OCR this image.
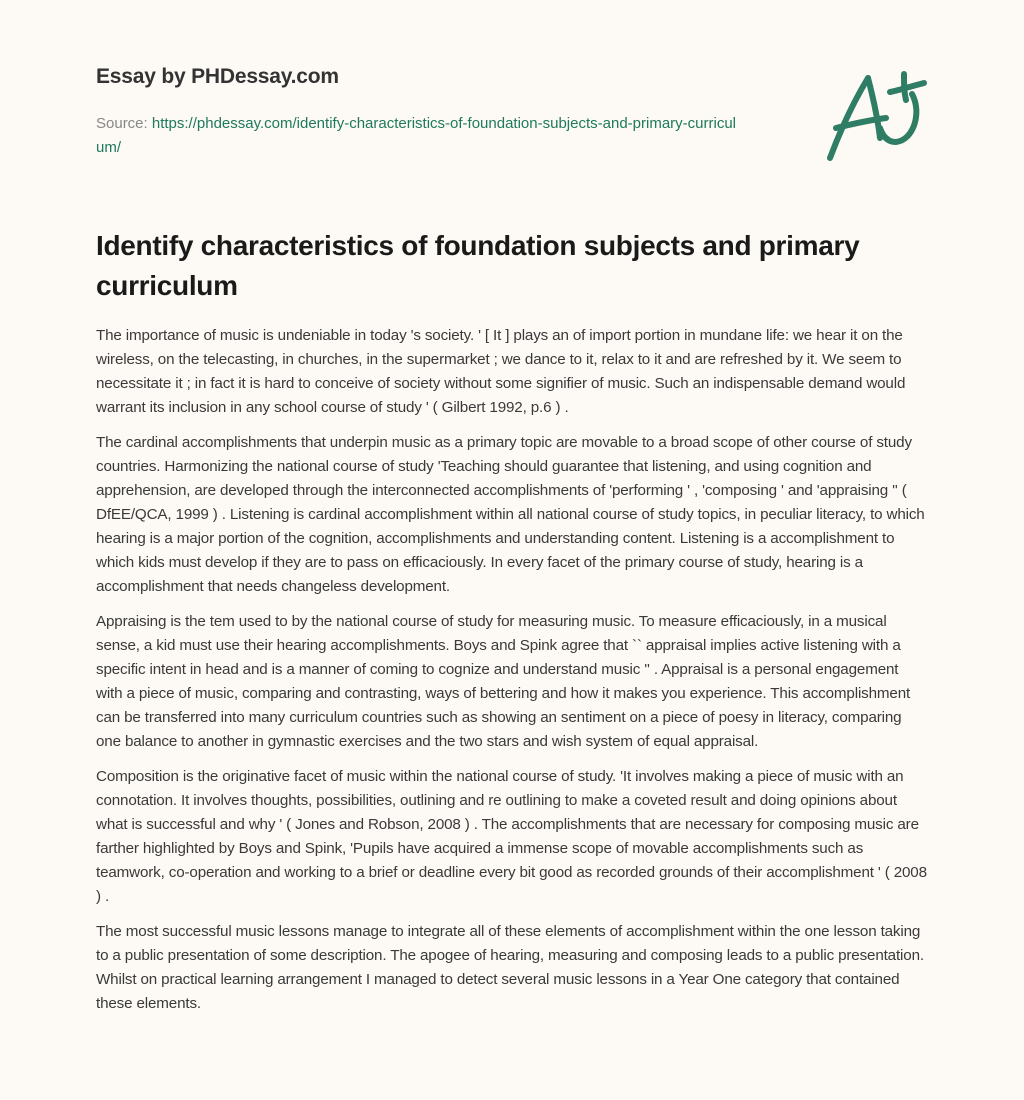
Essay by PHDessay.com
Source: https://phdessay.com/identify-characteristics-of-foundation-subjects-and-primary-curriculum/
Identify characteristics of foundation subjects and primary curriculum

The importance of music is undeniable in today 's society. ' [ It ] plays an of import portion in mundane life: we hear it on the wireless, on the telecasting, in churches, in the supermarket ; we dance to it, relax to it and are refreshed by it. We seem to necessitate it ; in fact it is hard to conceive of society without some signifier of music. Such an indispensable demand would warrant its inclusion in any school course of study ' ( Gilbert 1992, p.6 ) .

The cardinal accomplishments that underpin music as a primary topic are movable to a broad scope of other course of study countries. Harmonizing the national course of study 'Teaching should guarantee that listening, and using cognition and apprehension, are developed through the interconnected accomplishments of 'performing ' , 'composing ' and 'appraising '' ( DfEE/QCA, 1999 ) . Listening is cardinal accomplishment within all national course of study topics, in peculiar literacy, to which hearing is a major portion of the cognition, accomplishments and understanding content. Listening is a accomplishment to which kids must develop if they are to pass on efficaciously. In every facet of the primary course of study, hearing is a accomplishment that needs changeless development.

Appraising is the tem used to by the national course of study for measuring music. To measure efficaciously, in a musical sense, a kid must use their hearing accomplishments. Boys and Spink agree that `` appraisal implies active listening with a specific intent in head and is a manner of coming to cognize and understand music '' . Appraisal is a personal engagement with a piece of music, comparing and contrasting, ways of bettering and how it makes you experience. This accomplishment can be transferred into many curriculum countries such as showing an sentiment on a piece of poesy in literacy, comparing one balance to another in gymnastic exercises and the two stars and wish system of equal appraisal.

Composition is the originative facet of music within the national course of study. 'It involves making a piece of music with an connotation. It involves thoughts, possibilities, outlining and re outlining to make a coveted result and doing opinions about what is successful and why ' ( Jones and Robson, 2008 ) . The accomplishments that are necessary for composing music are farther highlighted by Boys and Spink, 'Pupils have acquired a immense scope of movable accomplishments such as teamwork, co-operation and working to a brief or deadline every bit good as recorded grounds of their accomplishment ' ( 2008 ) .

The most successful music lessons manage to integrate all of these elements of accomplishment within the one lesson taking to a public presentation of some description. The apogee of hearing, measuring and composing leads to a public presentation. Whilst on practical learning arrangement I managed to detect several music lessons in a Year One category that contained these elements.
